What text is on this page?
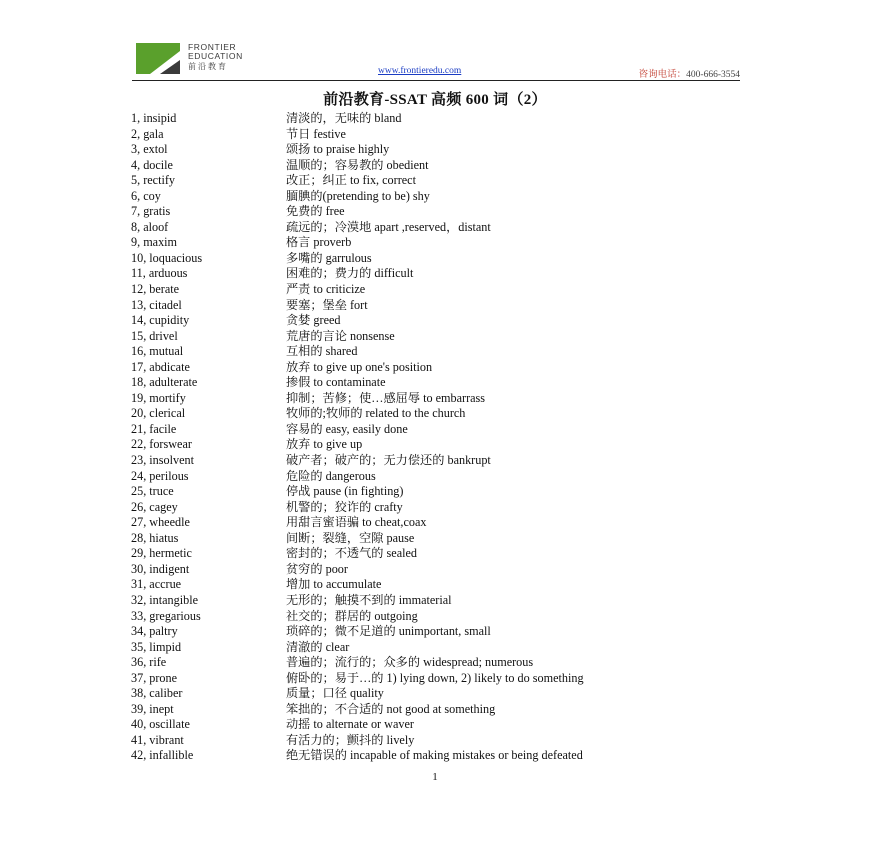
FRONTIER
EDUCATION
前沿教育	www.frontieredu.com	咨询电话：400-666-3554
前沿教育-SSAT 高频 600 词（2）
1, insipid	清淡的，无味的 bland
2, gala	节日 festive
3, extol	颂扬 to praise highly
4, docile	温顺的；容易教的 obedient
5, rectify	改正；纠正 to fix, correct
6, coy	腼腆的(pretending to be) shy
7, gratis	免费的 free
8, aloof	疏远的；冷漠地 apart ,reserved，distant
9, maxim	格言 proverb
10, loquacious	多嘴的 garrulous
11, arduous	困难的；费力的 difficult
12, berate	严责 to criticize
13, citadel	要塞；堡垒 fort
14, cupidity	贪婪 greed
15, drivel	荒唐的言论 nonsense
16, mutual	互相的 shared
17, abdicate	放弃 to give up one's position
18, adulterate	掺假 to contaminate
19, mortify	抑制；苦修；使…感屈辱 to embarrass
20, clerical	牧师的;牧师的 related to the church
21, facile	容易的 easy, easily done
22, forswear	放弃 to give up
23, insolvent	破产者；破产的；无力偿还的 bankrupt
24, perilous	危险的 dangerous
25, truce	停战 pause (in fighting)
26, cagey	机警的；狡诈的 crafty
27, wheedle	用甜言蜜语骗 to cheat,coax
28, hiatus	间断；裂缝，空隙 pause
29, hermetic	密封的；不透气的 sealed
30, indigent	贫穷的 poor
31, accrue	增加 to accumulate
32, intangible	无形的；触摸不到的 immaterial
33, gregarious	社交的；群居的 outgoing
34, paltry	琐碎的；微不足道的 unimportant, small
35, limpid	清澈的 clear
36, rife	普遍的；流行的；众多的 widespread; numerous
37, prone	俯卧的；易于…的 1) lying down, 2) likely to do something
38, caliber	质量；口径 quality
39, inept	笨拙的；不合适的 not good at something
40, oscillate	动摇 to alternate or waver
41, vibrant	有活力的；颤抖的 lively
42, infallible	绝无错误的 incapable of making mistakes or being defeated
1
